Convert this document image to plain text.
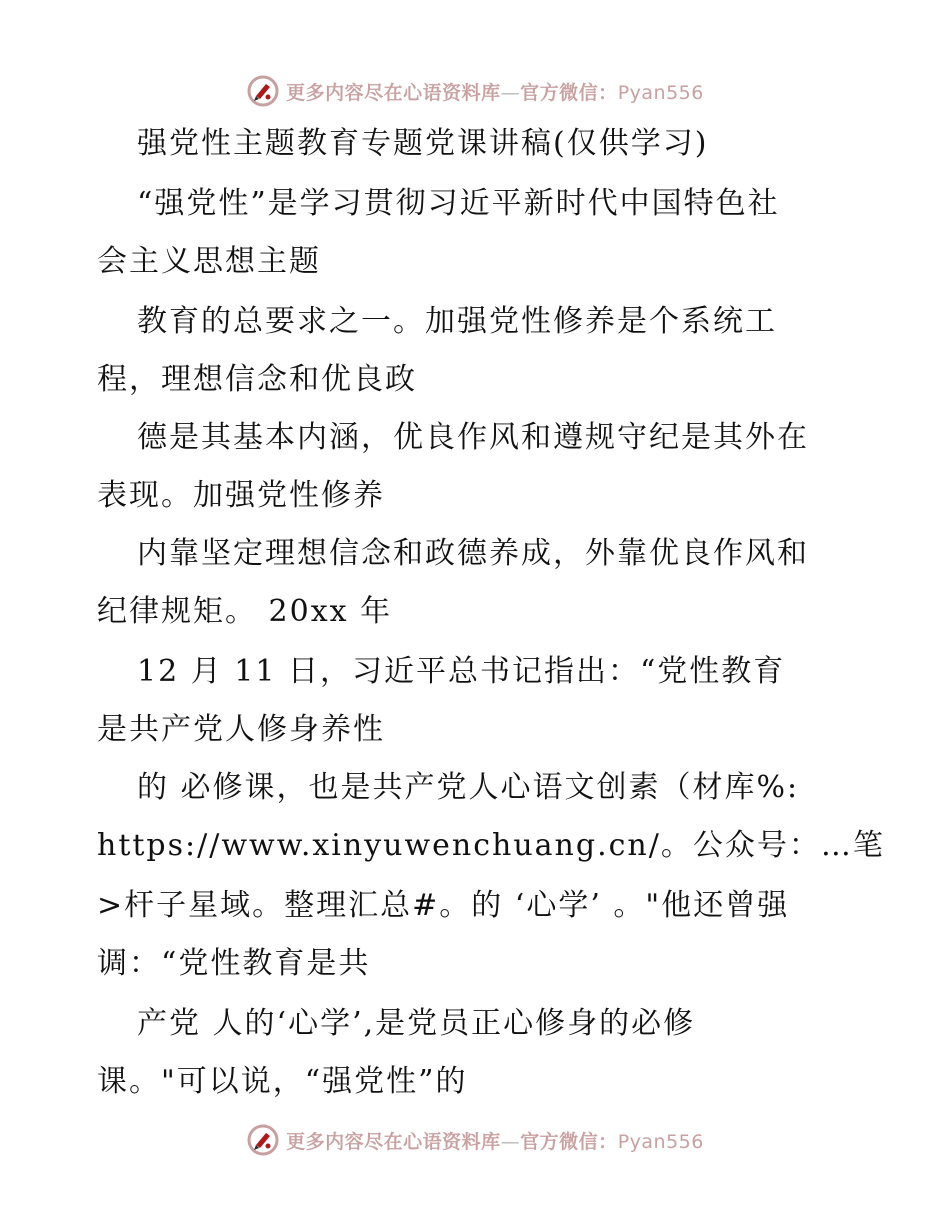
更多内容尽在心语资料库—官方微信：Pyan556
强党性主题教育专题党课讲稿(仅供学习)
“强党性”是学习贯彻习近平新时代中国特色社
会主义思想主题
教育的总要求之一。加强党性修养是个系统工
程，理想信念和优良政
德是其基本内涵，优良作风和遵规守纪是其外在
表现。加强党性修养
内靠坚定理想信念和政德养成，外靠优良作风和
纪律规矩。 20xx 年
12 月 11 日，习近平总书记指出：“党性教育
是共产党人修身养性
的 必修课，也是共产党人心语文创素（材库%:
https://www.xinyuwenchuang.cn/。公众号：…笔
>杆子星域。整理汇总#。的 ‘心学’ 。"他还曾强
调：“党性教育是共
产党 人的‘心学’,是党员正心修身的必修
课。"可以说，“强党性”的
更多内容尽在心语资料库—官方微信：Pyan556
